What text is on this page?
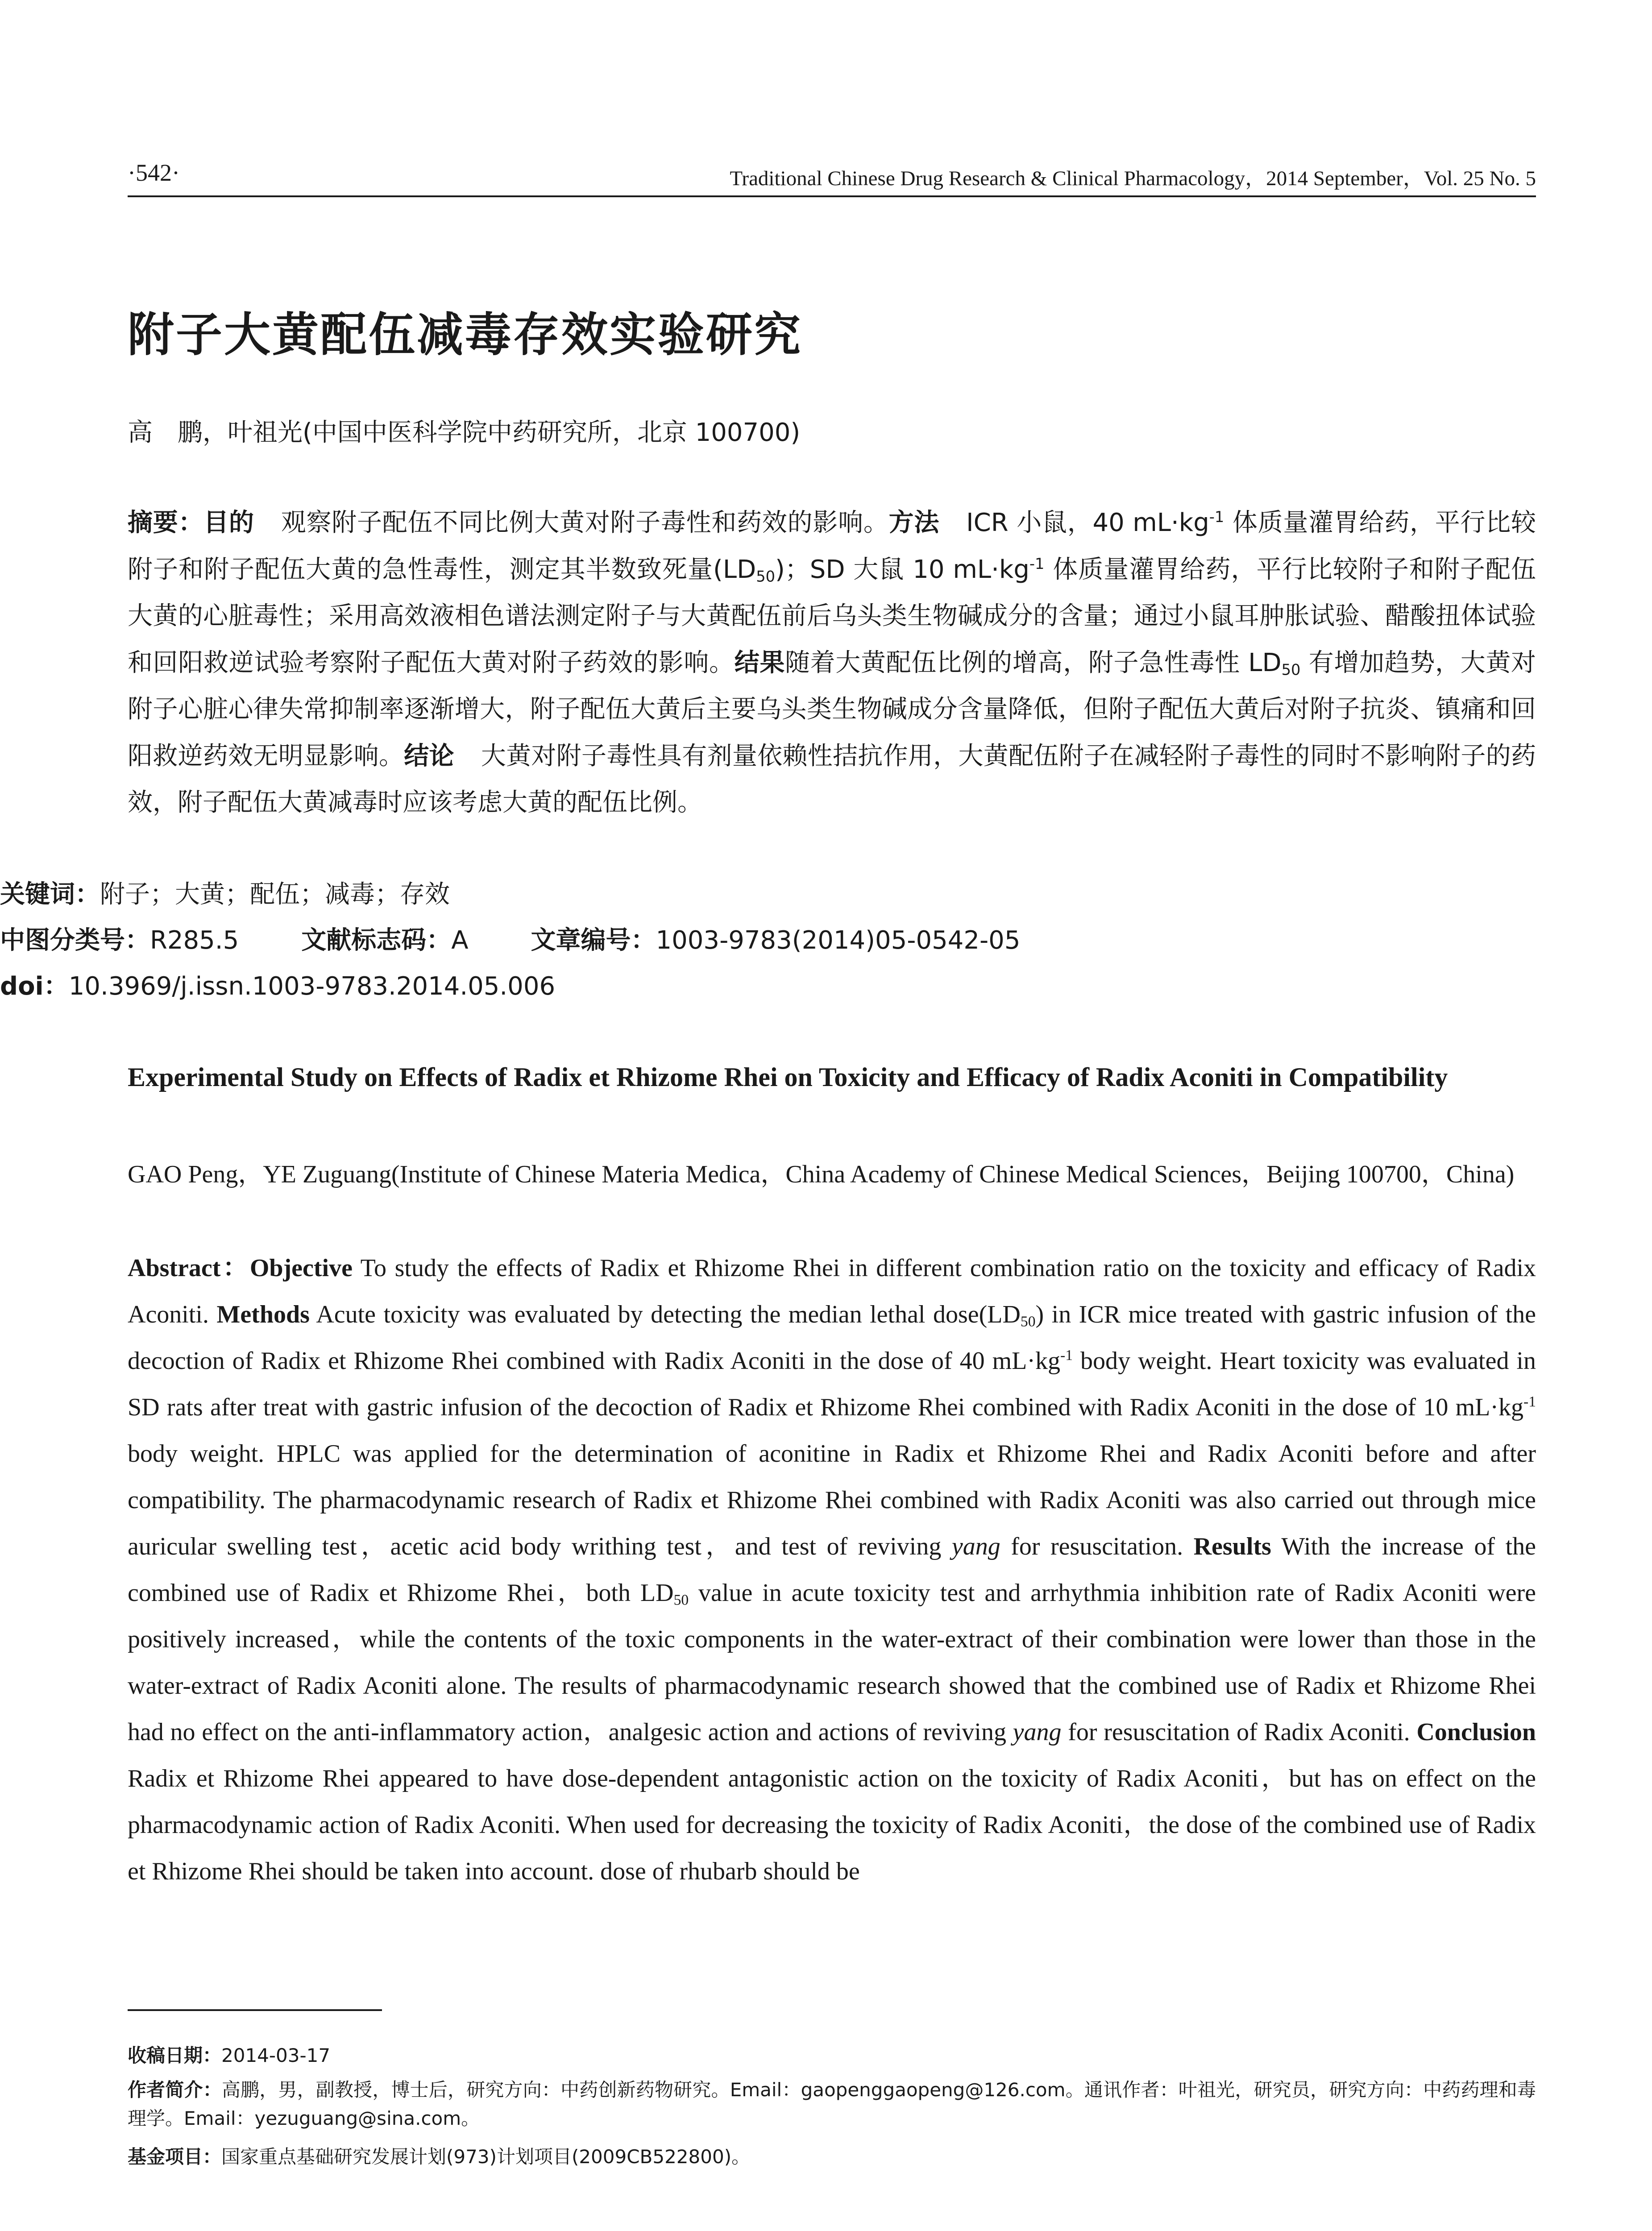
·542·	Traditional Chinese Drug Research & Clinical Pharmacology，2014 September，Vol. 25 No. 5
附子大黄配伍减毒存效实验研究
高　鹏，叶祖光(中国中医科学院中药研究所，北京 100700)
摘要：目的 观察附子配伍不同比例大黄对附子毒性和药效的影响。方法 ICR 小鼠，40 $mL\cdot kg^{-1}$ 体质量灌胃给药，平行比较附子和附子配伍大黄的急性毒性，测定其半数致死量$(LD_{50})$；SD 大鼠 10 $mL\cdot kg^{-1}$ 体质量灌胃给药，平行比较附子和附子配伍大黄的心脏毒性；采用高效液相色谱法测定附子与大黄配伍前后乌头类生物碱成分的含量；通过小鼠耳肿胀试验、醋酸扭体试验和回阳救逆试验考察附子配伍大黄对附子药效的影响。结果随着大黄配伍比例的增高，附子急性毒性 $LD_{50}$ 有增加趋势，大黄对附子心脏心律失常抑制率逐渐增大，附子配伍大黄后主要乌头类生物碱成分含量降低，但附子配伍大黄后对附子抗炎、镇痛和回阳救逆药效无明显影响。结论 大黄对附子毒性具有剂量依赖性拮抗作用，大黄配伍附子在减轻附子毒性的同时不影响附子的药效，附子配伍大黄减毒时应该考虑大黄的配伍比例。
关键词：附子；大黄；配伍；减毒；存效
中图分类号：R285.5	文献标志码：A	文章编号：1003-9783(2014)05-0542-05
doi：10.3969/j.issn.1003-9783.2014.05.006
Experimental Study on Effects of Radix et Rhizome Rhei on Toxicity and Efficacy of Radix Aconiti in Compatibility
GAO Peng，YE Zuguang(Institute of Chinese Materia Medica，China Academy of Chinese Medical Sciences，Beijing 100700，China)
Abstract：Objective To study the effects of Radix et Rhizome Rhei in different combination ratio on the toxicity and efficacy of Radix Aconiti. Methods Acute toxicity was evaluated by detecting the median lethal $dose(LD_{50})$ in ICR mice treated with gastric infusion of the decoction of Radix et Rhizome Rhei combined with Radix Aconiti in the dose of 40 $mL\cdot kg^{-1}$ body weight. Heart toxicity was evaluated in SD rats after treat with gastric infusion of the decoction of Radix et Rhizome Rhei combined with Radix Aconiti in the dose of 10 $mL\cdot kg^{-1}$ body weight. HPLC was applied for the determination of aconitine in Radix et Rhizome Rhei and Radix Aconiti before and after compatibility. The pharmacodynamic research of Radix et Rhizome Rhei combined with Radix Aconiti was also carried out through mice auricular swelling test，acetic acid body writhing test，and test of reviving yang for resuscitation. Results With the increase of the combined use of Radix et Rhizome Rhei，both $LD_{50}$ value in acute toxicity test and arrhythmia inhibition rate of Radix Aconiti were positively increased，while the contents of the toxic components in the water-extract of their combination were lower than those in the water-extract of Radix Aconiti alone. The results of pharmacodynamic research showed that the combined use of Radix et Rhizome Rhei had no effect on the anti-inflammatory action，analgesic action and actions of reviving yang for resuscitation of Radix Aconiti. Conclusion Radix et Rhizome Rhei appeared to have dose-dependent antagonistic action on the toxicity of Radix Aconiti，but has on effect on the pharmacodynamic action of Radix Aconiti. When used for decreasing the toxicity of Radix Aconiti，the dose of the combined use of Radix et Rhizome Rhei should be taken into account. dose of rhubarb should be
收稿日期：2014-03-17
作者简介：高鹏，男，副教授，博士后，研究方向：中药创新药物研究。Email：gaopenggaopeng@126.com。通讯作者：叶祖光，研究员，研究方向：中药药理和毒理学。Email：yezuguang@sina.com。
基金项目：国家重点基础研究发展计划(973)计划项目(2009CB522800)。
